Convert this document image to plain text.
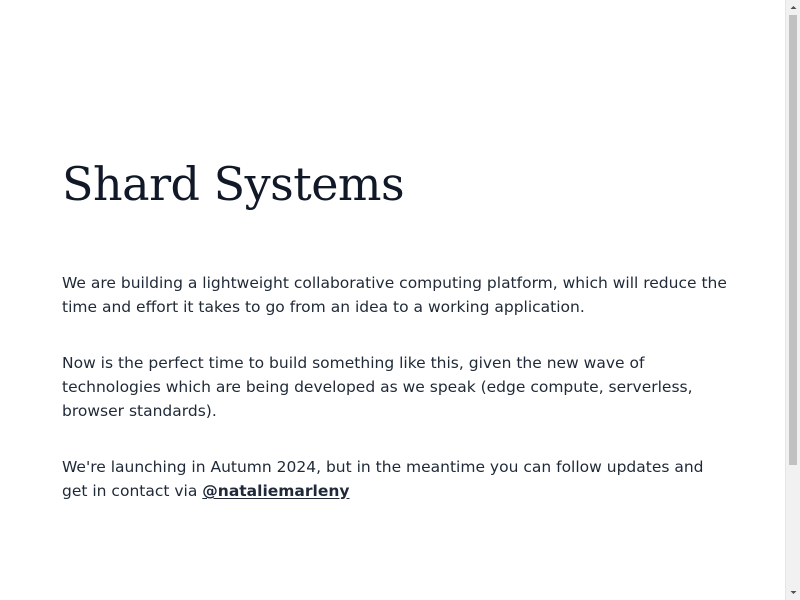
Shard Systems

We are building a lightweight collaborative computing platform, which will reduce the time and effort it takes to go from an idea to a working application.

Now is the perfect time to build something like this, given the new wave of technologies which are being developed as we speak (edge compute, serverless, browser standards).

We're launching in Autumn 2024, but in the meantime you can follow updates and get in contact via @nataliemarleny
